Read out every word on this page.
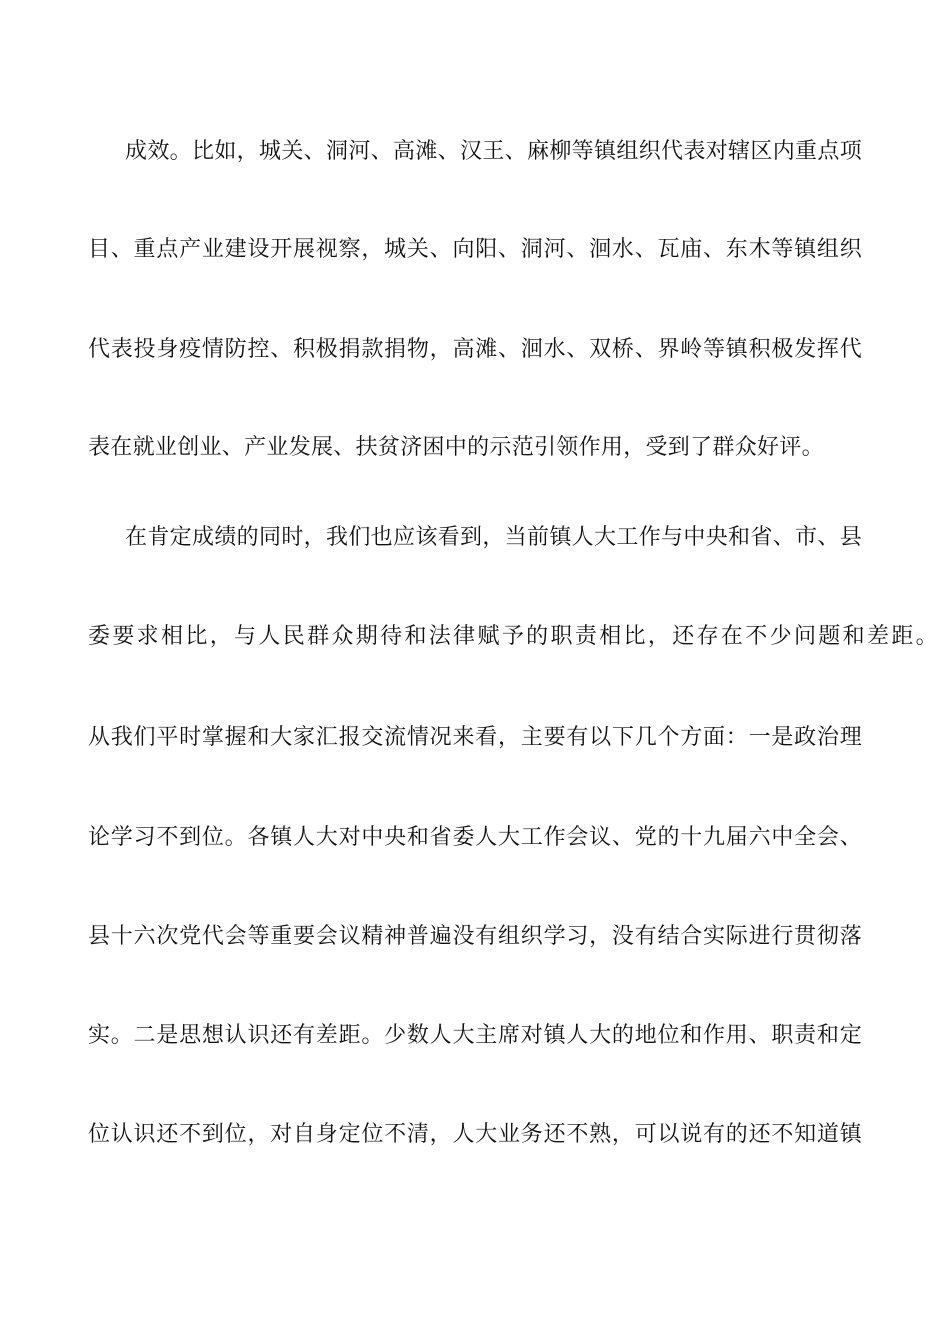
成效。比如，城关、洞河、高滩、汉王、麻柳等镇组织代表对辖区内重点项
目、重点产业建设开展视察，城关、向阳、洞河、洄水、瓦庙、东木等镇组织
代表投身疫情防控、积极捐款捐物，高滩、洄水、双桥、界岭等镇积极发挥代
表在就业创业、产业发展、扶贫济困中的示范引领作用，受到了群众好评。
在肯定成绩的同时，我们也应该看到，当前镇人大工作与中央和省、市、县
委要求相比，与人民群众期待和法律赋予的职责相比，还存在不少问题和差距。
从我们平时掌握和大家汇报交流情况来看，主要有以下几个方面：一是政治理
论学习不到位。各镇人大对中央和省委人大工作会议、党的十九届六中全会、
县十六次党代会等重要会议精神普遍没有组织学习，没有结合实际进行贯彻落
实。二是思想认识还有差距。少数人大主席对镇人大的地位和作用、职责和定
位认识还不到位，对自身定位不清，人大业务还不熟，可以说有的还不知道镇
